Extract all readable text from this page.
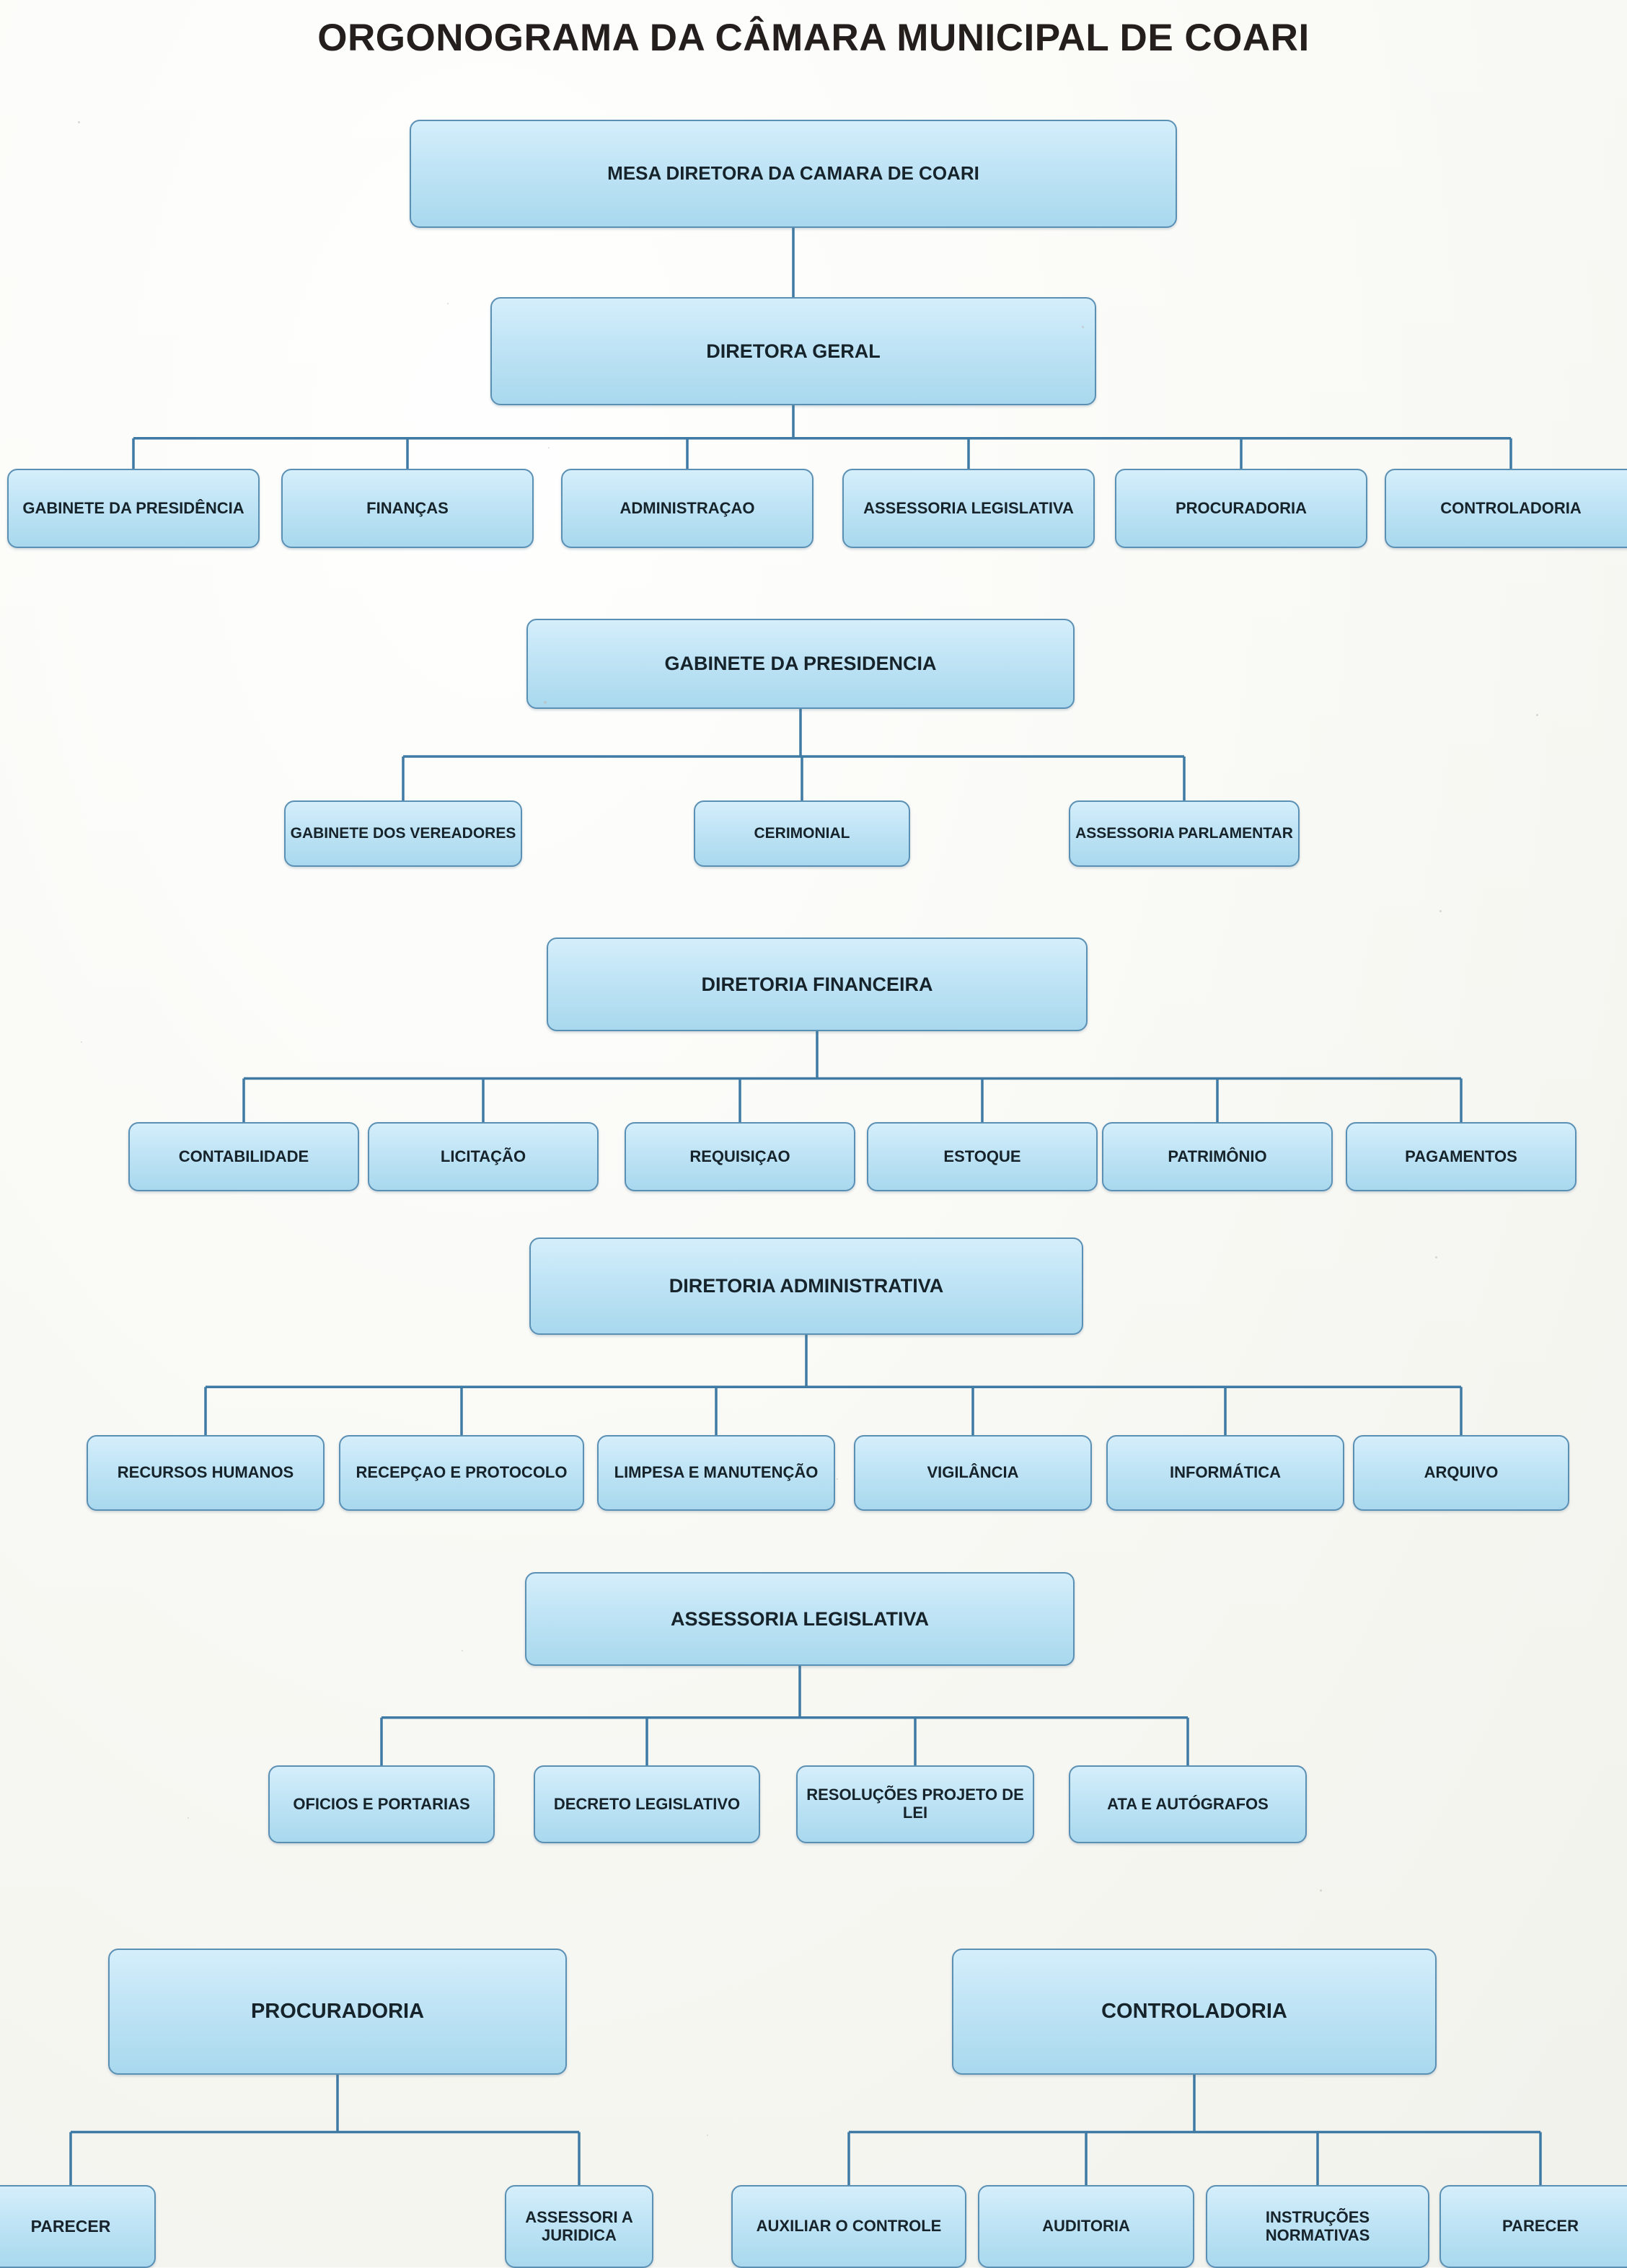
ORGONOGRAMA DA CÂMARA MUNICIPAL DE COARI
MESA DIRETORA DA CAMARA DE COARI
DIRETORA GERAL
GABINETE DA PRESIDÊNCIA	FINANÇAS	ADMINISTRAÇAO	ASSESSORIA LEGISLATIVA	PROCURADORIA	CONTROLADORIA
GABINETE DA PRESIDENCIA
GABINETE DOS VEREADORES	CERIMONIAL	ASSESSORIA PARLAMENTAR
DIRETORIA FINANCEIRA
CONTABILIDADE	LICITAÇÃO	REQUISIÇAO	ESTOQUE	PATRIMÔNIO	PAGAMENTOS
DIRETORIA ADMINISTRATIVA
RECURSOS HUMANOS	RECEPÇAO E PROTOCOLO	LIMPESA E MANUTENÇÃO	VIGILÂNCIA	INFORMÁTICA	ARQUIVO
ASSESSORIA LEGISLATIVA
OFICIOS E PORTARIAS	DECRETO LEGISLATIVO	RESOLUÇÕES PROJETO DE LEI	ATA E AUTÓGRAFOS
PROCURADORIA
PARECER	ASSESSORI A JURIDICA
CONTROLADORIA
AUXILIAR O CONTROLE	AUDITORIA	INSTRUÇÕES NORMATIVAS	PARECER
